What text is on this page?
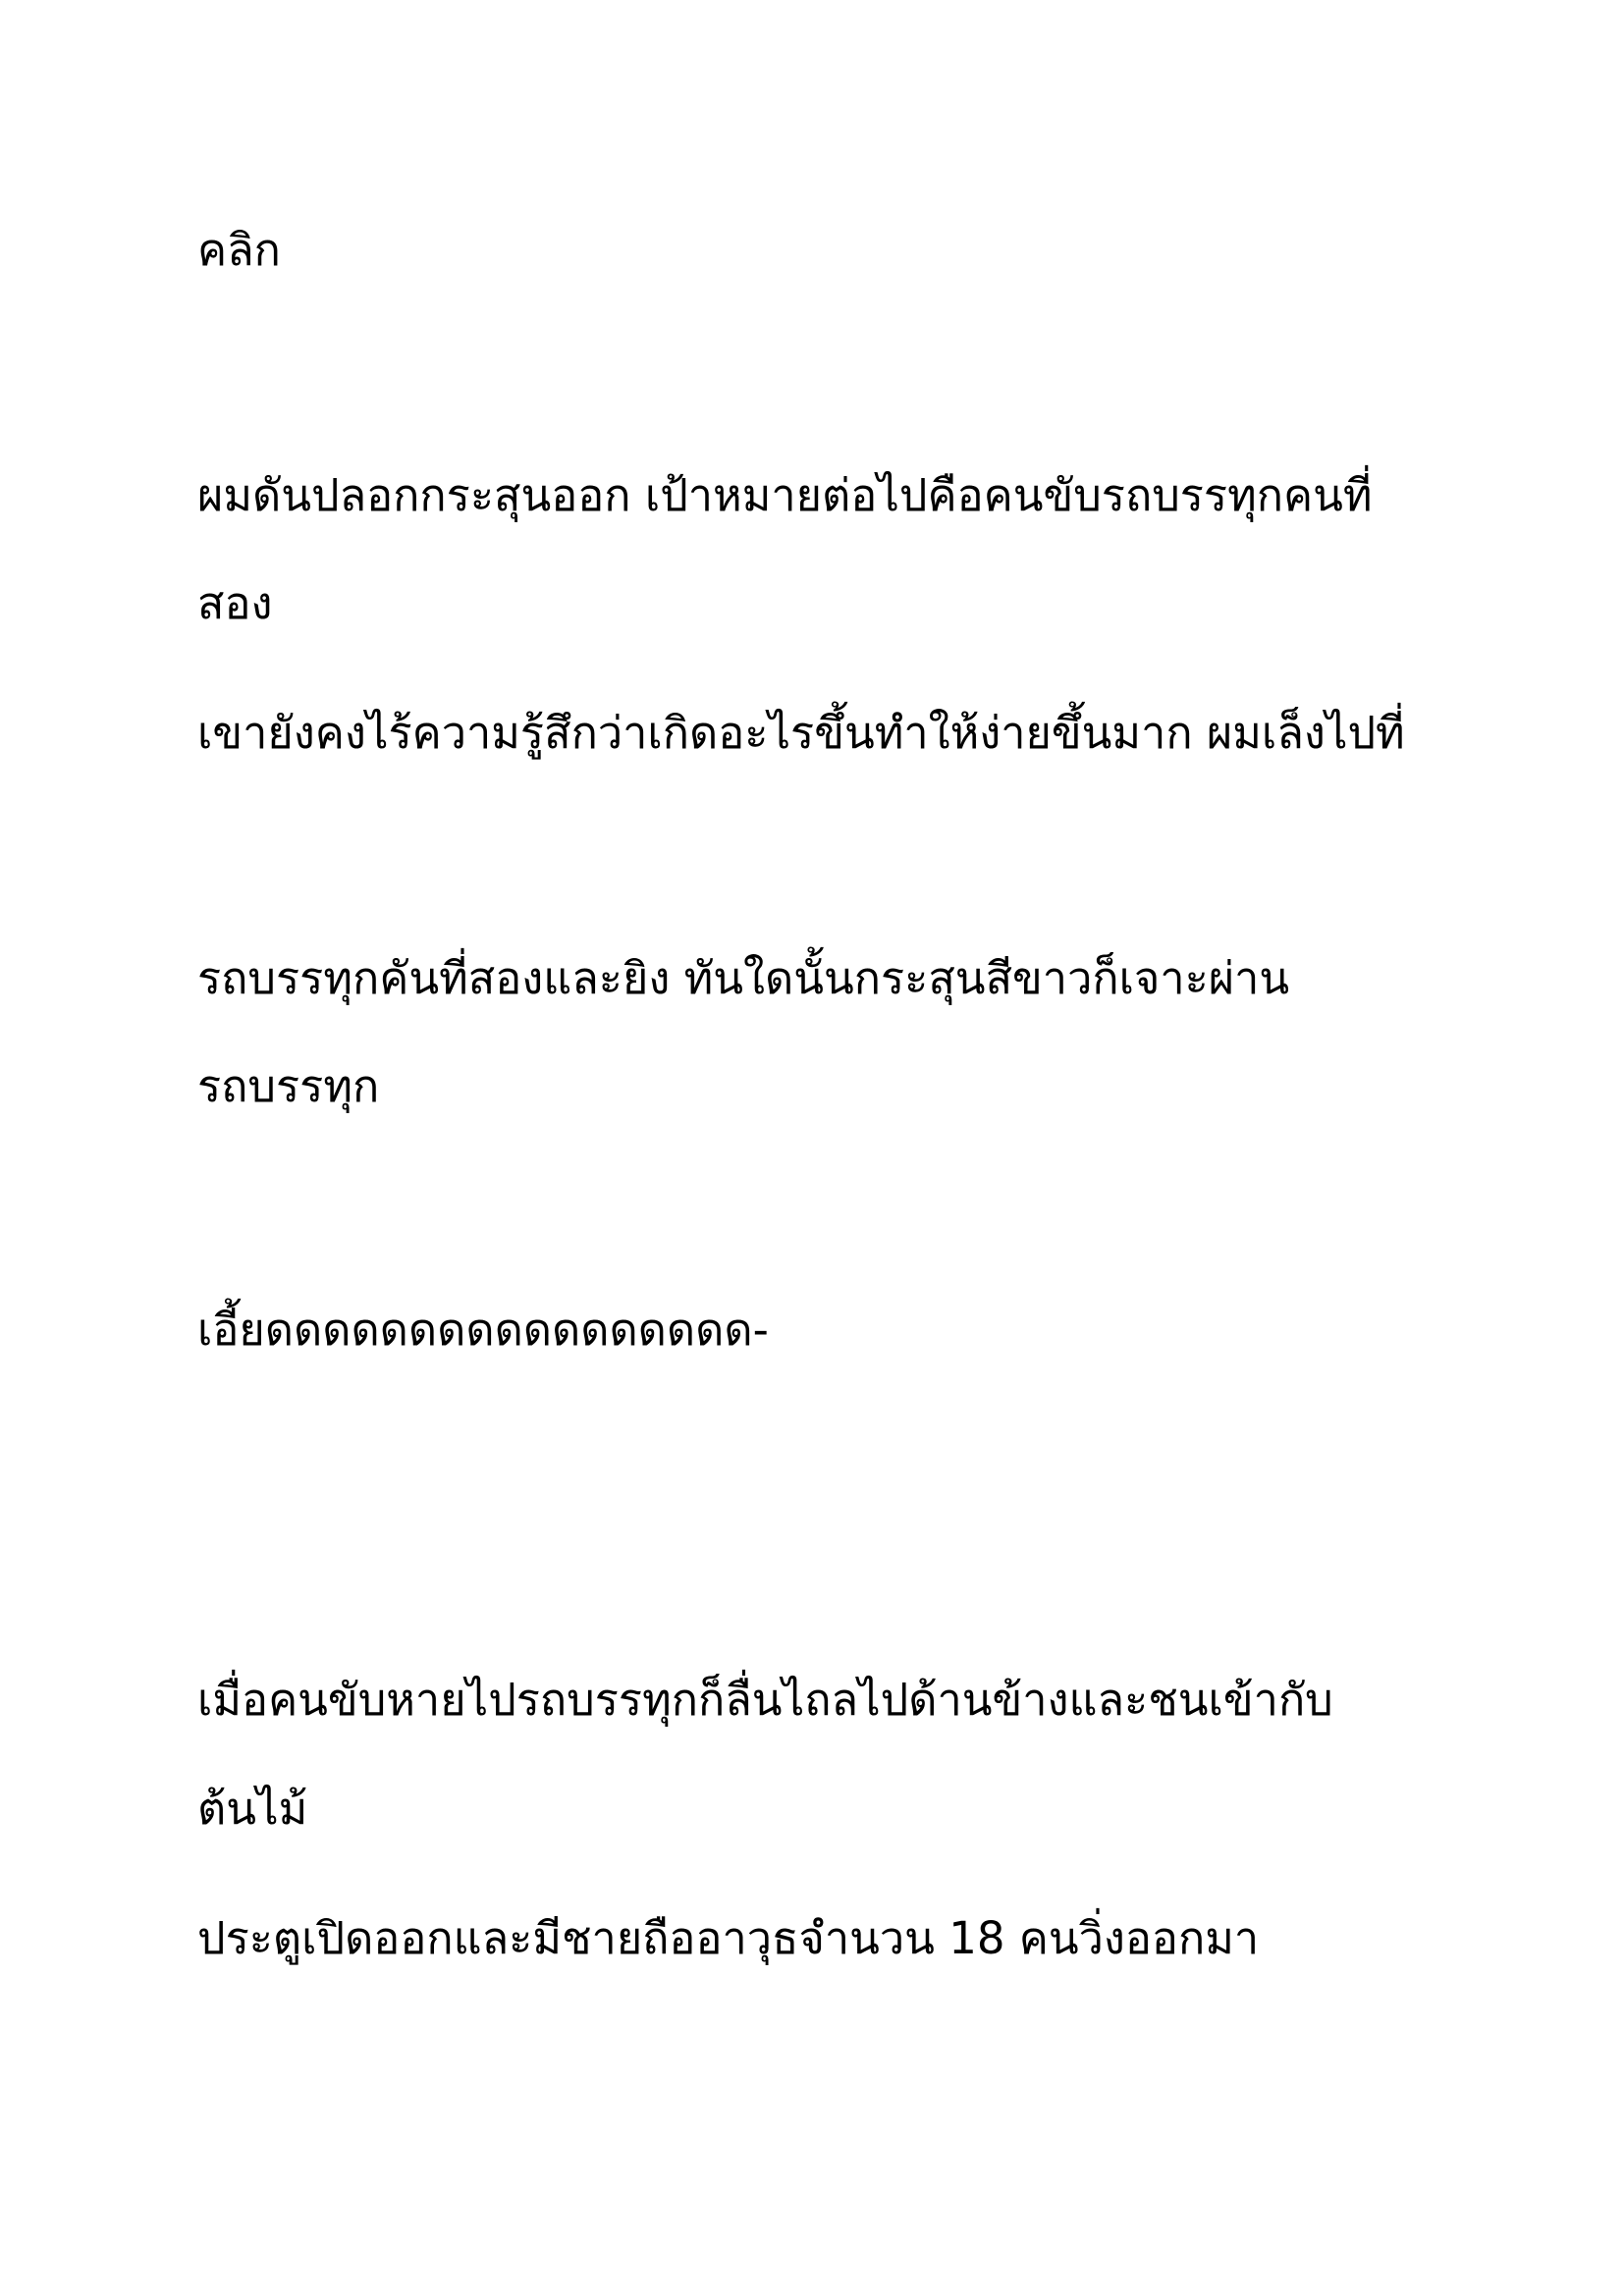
คลิก

ผมดันปลอกกระสุนออก เป้าหมายต่อไปคือคนขับรถบรรทุกคนที่

สอง

เขายังคงไร้ความรู้สึกว่าเกิดอะไรขึ้นทำให้ง่ายขึ้นมาก ผมเล็งไปที่

รถบรรทุกคันที่สองและยิง ทันใดนั้นกระสุนสีขาวก็เจาะผ่าน

รถบรรทุก

เอี้ยดดดดดดดดดดดดดดดดด-

เมื่อคนขับหายไปรถบรรทุกก็ลื่นไถลไปด้านข้างและชนเข้ากับ

ต้นไม้

ประตูเปิดออกและมีชายถืออาวุธจำนวน 18 คนวิ่งออกมา
